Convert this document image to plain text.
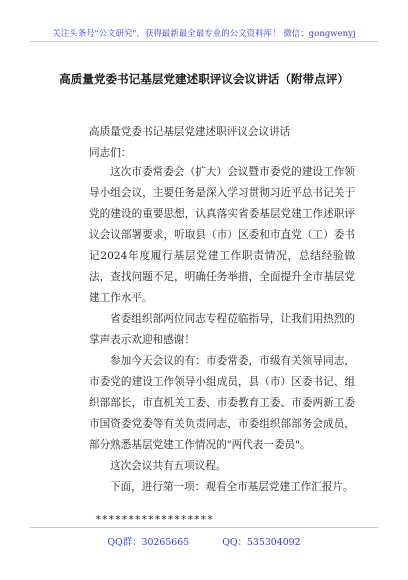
关注头条号"公文研究"，获得最新最全最专业的公文资料库！ 微信：gongwenyj
高质量党委书记基层党建述职评议会议讲话（附带点评）
高质量党委书记基层党建述职评议会议讲话
同志们：

这次市委常委会（扩大）会议暨市委党的建设工作领导小组会议，主要任务是深入学习贯彻习近平总书记关于党的建设的重要思想，认真落实省委基层党建工作述职评议会议部署要求，听取县（市）区委和市直党（工）委书记2024年度履行基层党建工作职责情况，总结经验做法，查找问题不足，明确任务举措，全面提升全市基层党建工作水平。

省委组织部两位同志专程莅临指导，让我们用热烈的掌声表示欢迎和感谢！

参加今天会议的有：市委常委，市级有关领导同志，市委党的建设工作领导小组成员，县（市）区委书记、组织部部长，市直机关工委、市委教育工委、市委两新工委市国资委党委等有关负责同志，市委组织部部务会成员，部分熟悉基层党建工作情况的"两代表一委员"。

这次会议共有五项议程。

下面，进行第一项：观看全市基层党建工作汇报片。

******************
QQ群：30265665	QQ：535304092
